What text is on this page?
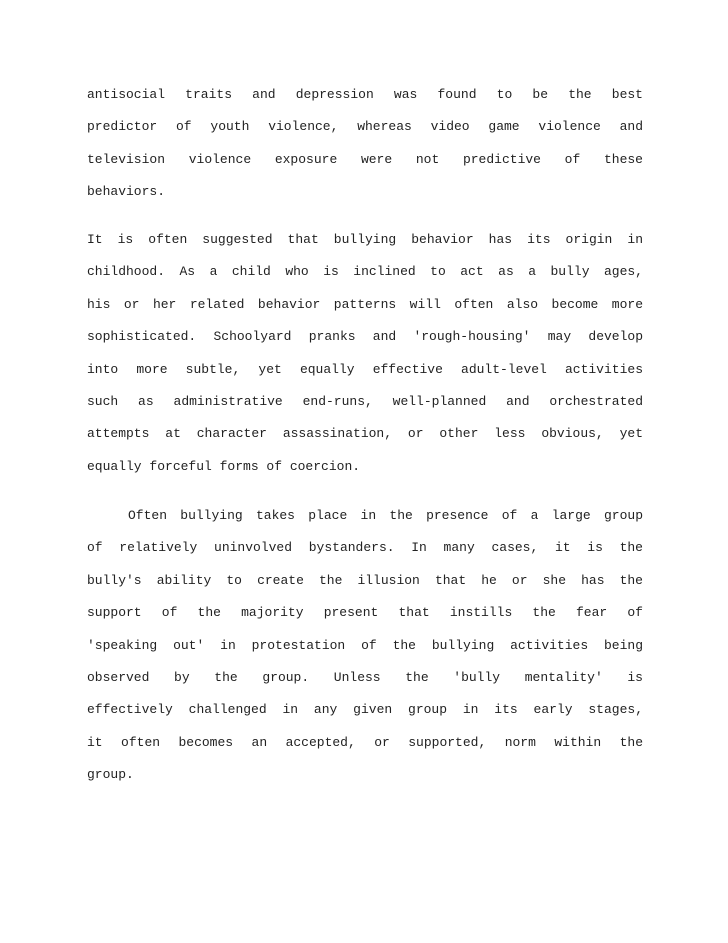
antisocial traits and depression was found to be the best
predictor of youth violence, whereas video game violence and
television violence exposure were not predictive of these
behaviors.
It is often suggested that bullying behavior has its origin in
childhood. As a child who is inclined to act as a bully ages,
his or her related behavior patterns will often also become more
sophisticated. Schoolyard pranks and 'rough-housing' may develop
into more subtle, yet equally effective adult-level activities
such as administrative end-runs, well-planned and orchestrated
attempts at character assassination, or other less obvious, yet
equally forceful forms of coercion.
Often bullying takes place in the presence of a large group
of relatively uninvolved bystanders. In many cases, it is the
bully's ability to create the illusion that he or she has the
support of the majority present that instills the fear of
'speaking out' in protestation of the bullying activities being
observed by the group. Unless the 'bully mentality' is
effectively challenged in any given group in its early stages,
it often becomes an accepted, or supported, norm within the
group.
